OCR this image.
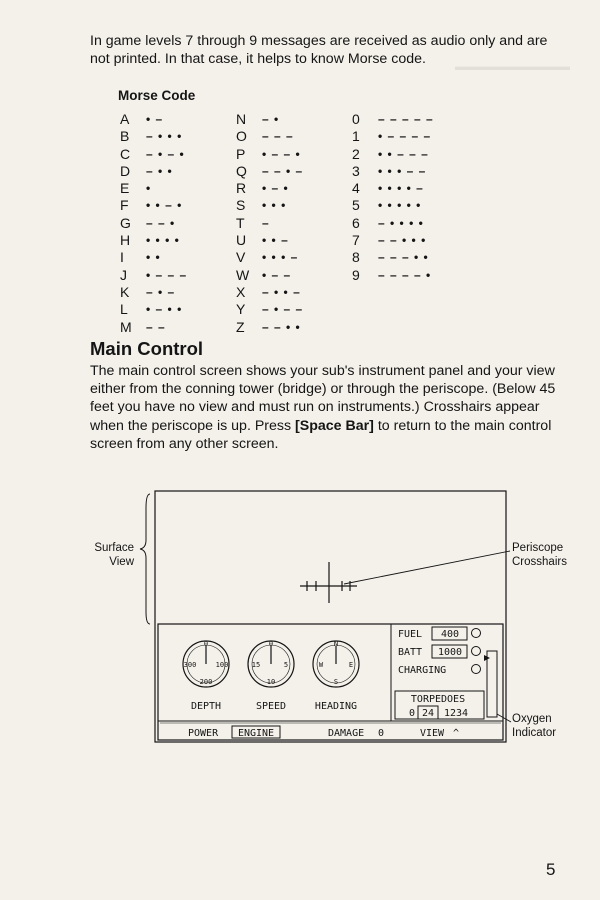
▬▬▬▬▬▬▬▬▬▬

In game levels 7 through 9 messages are received as audio only and are not printed. In that case, it helps to know Morse code.

Morse Code
A • –
B – • • •
C – • – •
D – • •
E •
F • • – •
G – – •
H • • • •
I • •
J • – – –
K – • –
L • – • •
M – –
N – •
O – – –
P • – – •
Q – – • –
R • – •
S • • •
T –
U • • –
V • • • –
W • – –
X – • • –
Y – • – –
Z – – • •
0 – – – – –
1 • – – – –
2 • • – – –
3 • • • – –
4 • • • • –
5 • • • • •
6 – • • • •
7 – – • • •
8 – – – • •
9 – – – – •
Main Control

The main control screen shows your sub's instrument panel and your view either from the conning tower (bridge) or through the periscope. (Below 45 feet you have no view and must run on instruments.) Crosshairs appear when the periscope is up. Press [Space Bar] to return to the main control screen from any other screen.

Surface
View

Periscope
Crosshairs

Oxygen
Indicator

0
100
200
300
0
5
10
15
N
E
S
W
DEPTH	SPEED	HEADING
FUEL 400
BATT 1000
CHARGING
TORPEDOES
0 24 1234
POWER ENGINE	DAMAGE 0	VIEW ^

5
